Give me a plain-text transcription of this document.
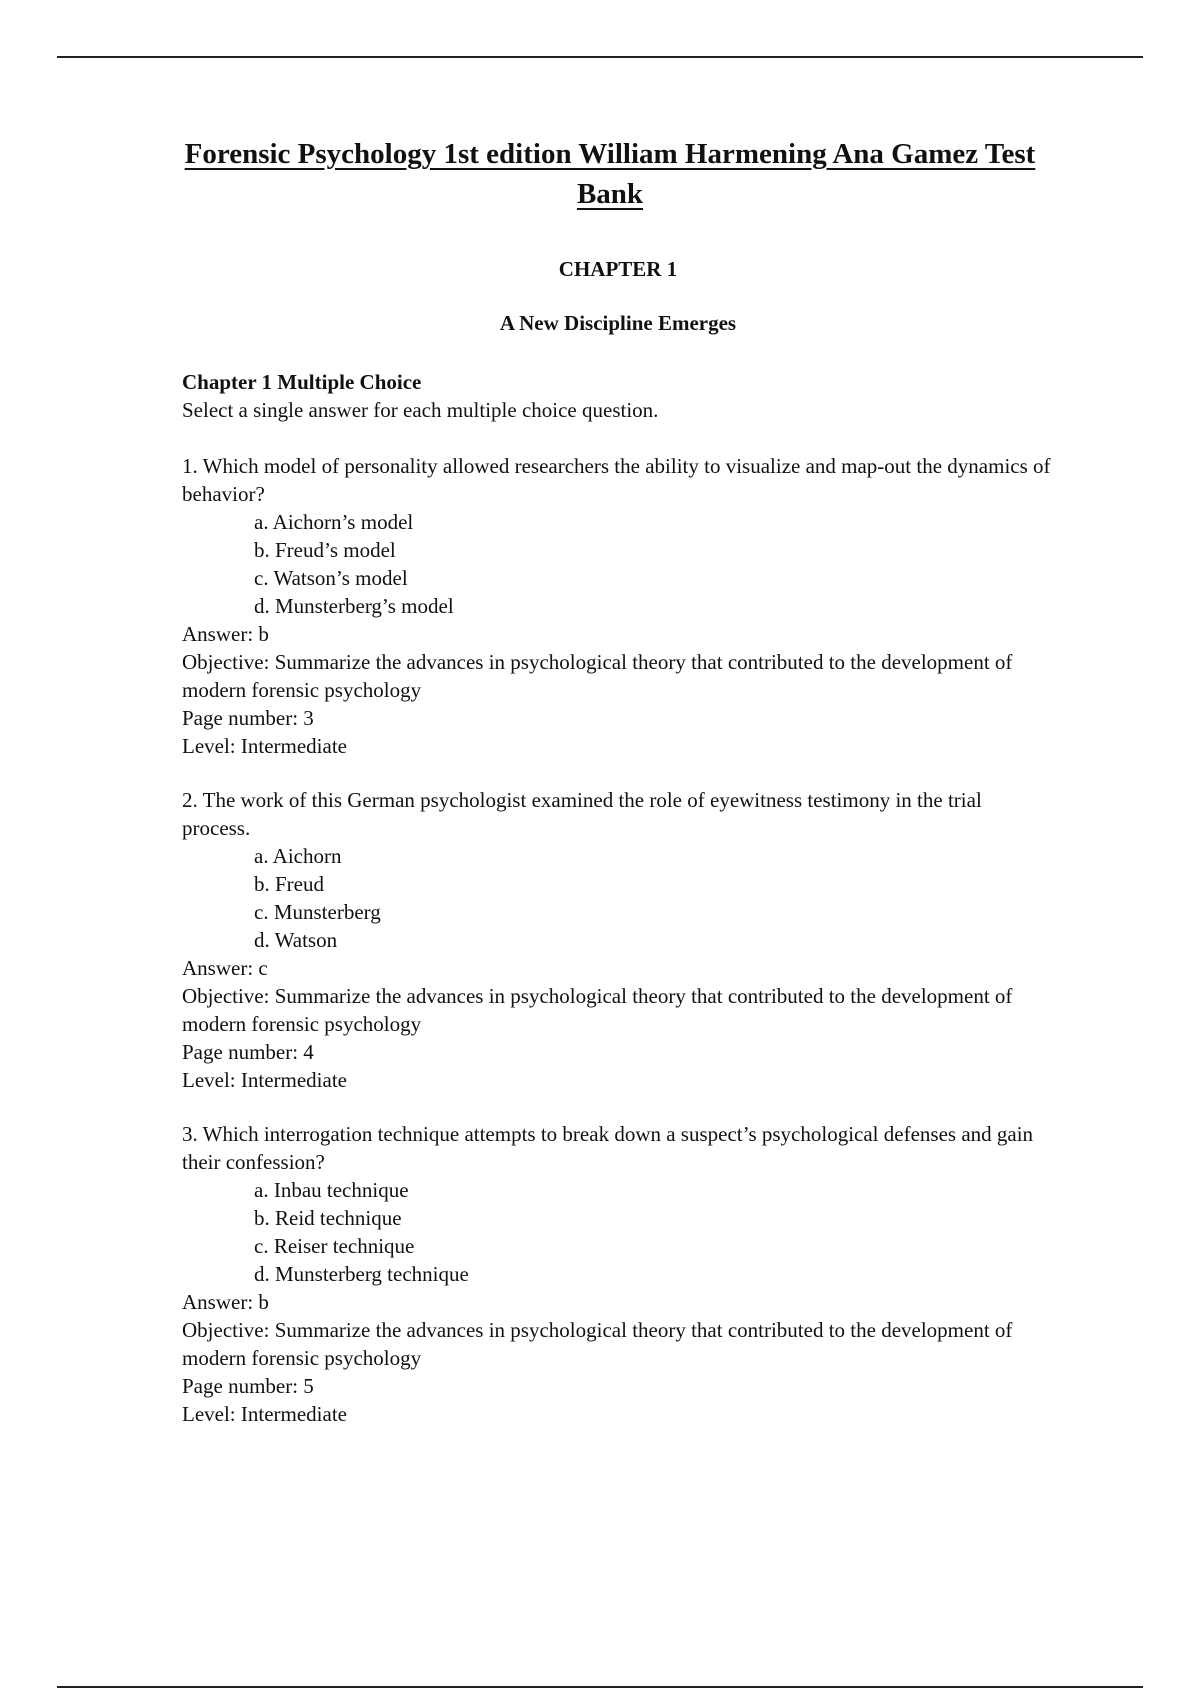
Forensic Psychology 1st edition William Harmening Ana Gamez Test Bank
CHAPTER 1
A New Discipline Emerges
Chapter 1 Multiple Choice
Select a single answer for each multiple choice question.
1. Which model of personality allowed researchers the ability to visualize and map-out the dynamics of behavior?
a. Aichorn’s model
b. Freud’s model
c. Watson’s model
d. Munsterberg’s model
Answer: b
Objective: Summarize the advances in psychological theory that contributed to the development of modern forensic psychology
Page number: 3
Level: Intermediate
2. The work of this German psychologist examined the role of eyewitness testimony in the trial process.
a. Aichorn
b. Freud
c. Munsterberg
d. Watson
Answer: c
Objective: Summarize the advances in psychological theory that contributed to the development of modern forensic psychology
Page number: 4
Level: Intermediate
3. Which interrogation technique attempts to break down a suspect’s psychological defenses and gain their confession?
a. Inbau technique
b. Reid technique
c. Reiser technique
d. Munsterberg technique
Answer: b
Objective: Summarize the advances in psychological theory that contributed to the development of modern forensic psychology
Page number: 5
Level: Intermediate
